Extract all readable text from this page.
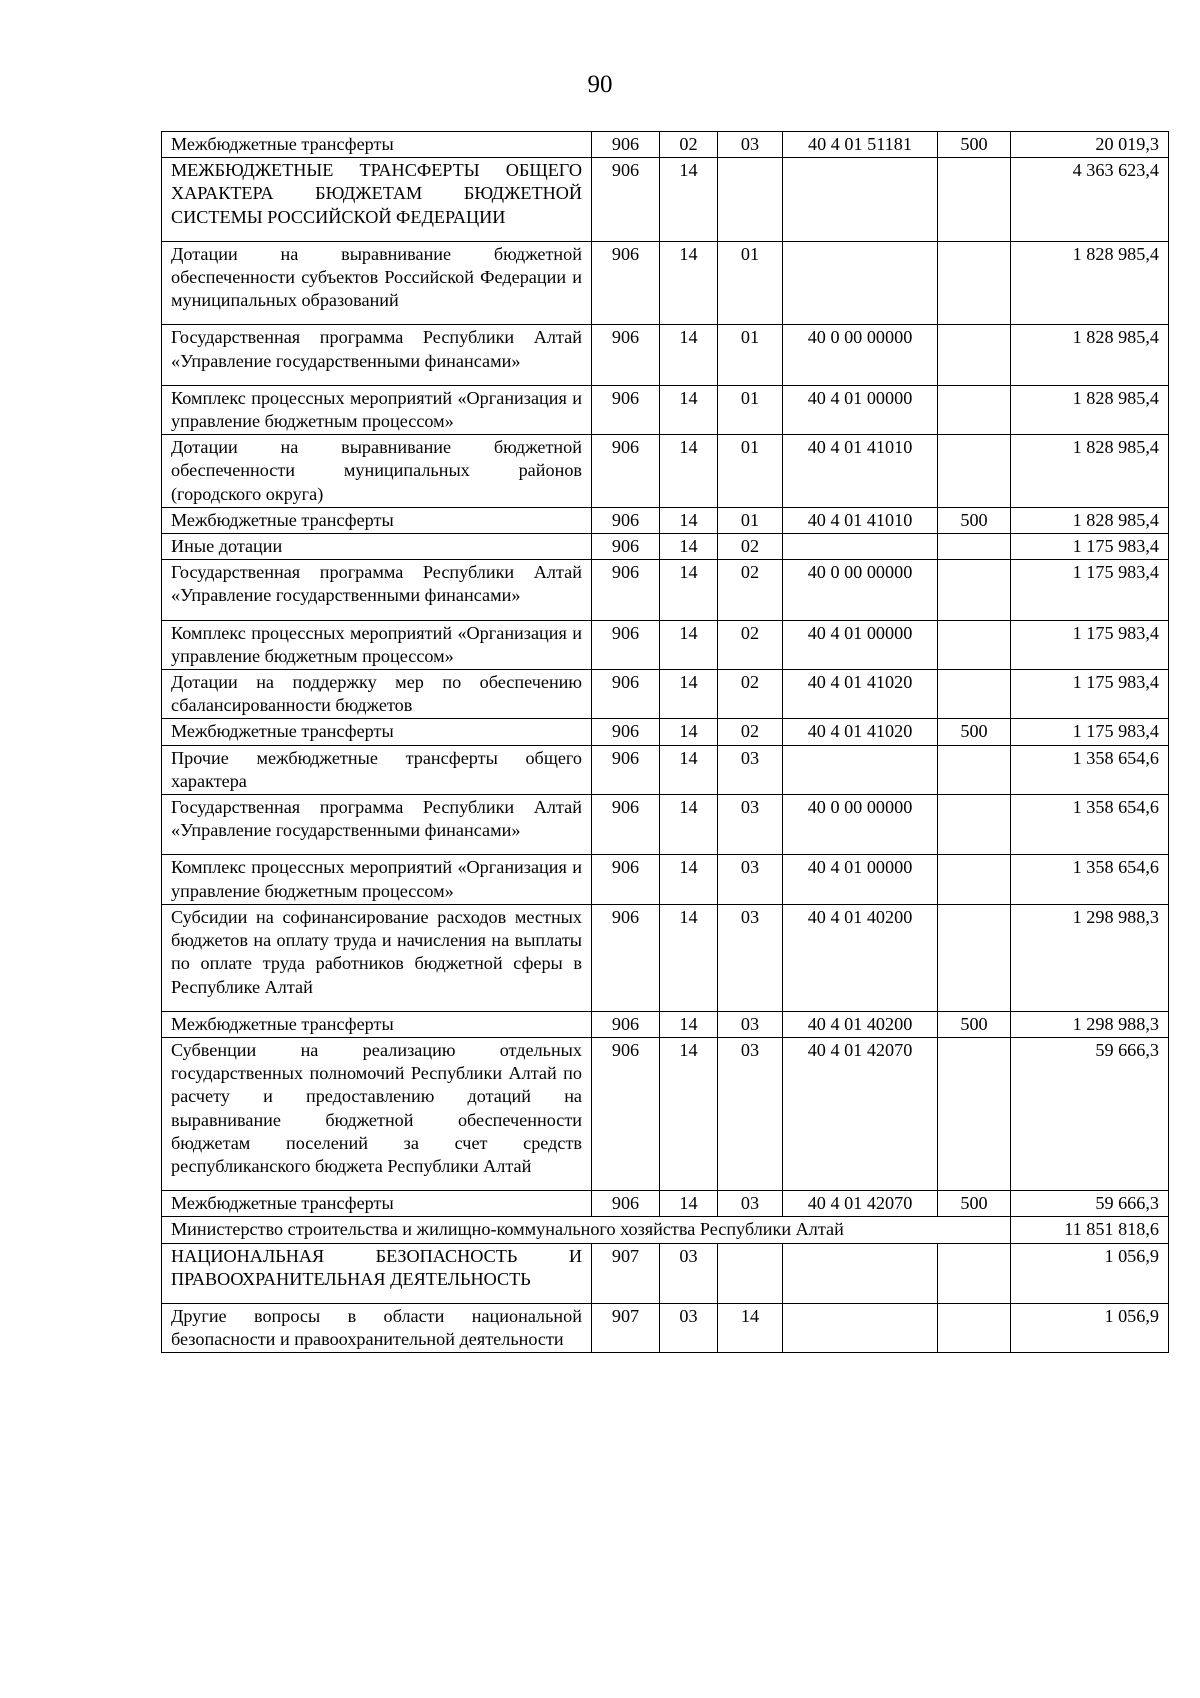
90
Межбюджетные трансферты	906	02	03	40 4 01 51181	500	20 019,3
МЕЖБЮДЖЕТНЫЕ ТРАНСФЕРТЫ ОБЩЕГО ХАРАКТЕРА БЮДЖЕТАМ БЮДЖЕТНОЙ СИСТЕМЫ РОССИЙСКОЙ ФЕДЕРАЦИИ	906	14				4 363 623,4
Дотации на выравнивание бюджетной обеспеченности субъектов Российской Федерации и муниципальных образований	906	14	01			1 828 985,4
Государственная программа Республики Алтай «Управление государственными финансами»	906	14	01	40 0 00 00000		1 828 985,4
Комплекс процессных мероприятий «Организация и управление бюджетным процессом»	906	14	01	40 4 01 00000		1 828 985,4
Дотации на выравнивание бюджетной обеспеченности муниципальных районов (городского округа)	906	14	01	40 4 01 41010		1 828 985,4
Межбюджетные трансферты	906	14	01	40 4 01 41010	500	1 828 985,4
Иные дотации	906	14	02			1 175 983,4
Государственная программа Республики Алтай «Управление государственными финансами»	906	14	02	40 0 00 00000		1 175 983,4
Комплекс процессных мероприятий «Организация и управление бюджетным процессом»	906	14	02	40 4 01 00000		1 175 983,4
Дотации на поддержку мер по обеспечению сбалансированности бюджетов	906	14	02	40 4 01 41020		1 175 983,4
Межбюджетные трансферты	906	14	02	40 4 01 41020	500	1 175 983,4
Прочие межбюджетные трансферты общего характера	906	14	03			1 358 654,6
Государственная программа Республики Алтай «Управление государственными финансами»	906	14	03	40 0 00 00000		1 358 654,6
Комплекс процессных мероприятий «Организация и управление бюджетным процессом»	906	14	03	40 4 01 00000		1 358 654,6
Субсидии на софинансирование расходов местных бюджетов на оплату труда и начисления на выплаты по оплате труда работников бюджетной сферы в Республике Алтай	906	14	03	40 4 01 40200		1 298 988,3
Межбюджетные трансферты	906	14	03	40 4 01 40200	500	1 298 988,3
Субвенции на реализацию отдельных государственных полномочий Республики Алтай по расчету и предоставлению дотаций на выравнивание бюджетной обеспеченности бюджетам поселений за счет средств республиканского бюджета Республики Алтай	906	14	03	40 4 01 42070		59 666,3
Межбюджетные трансферты	906	14	03	40 4 01 42070	500	59 666,3
Министерство строительства и жилищно-коммунального хозяйства Республики Алтай						11 851 818,6
НАЦИОНАЛЬНАЯ БЕЗОПАСНОСТЬ И ПРАВООХРАНИТЕЛЬНАЯ ДЕЯТЕЛЬНОСТЬ	907	03				1 056,9
Другие вопросы в области национальной безопасности и правоохранительной деятельности	907	03	14			1 056,9
